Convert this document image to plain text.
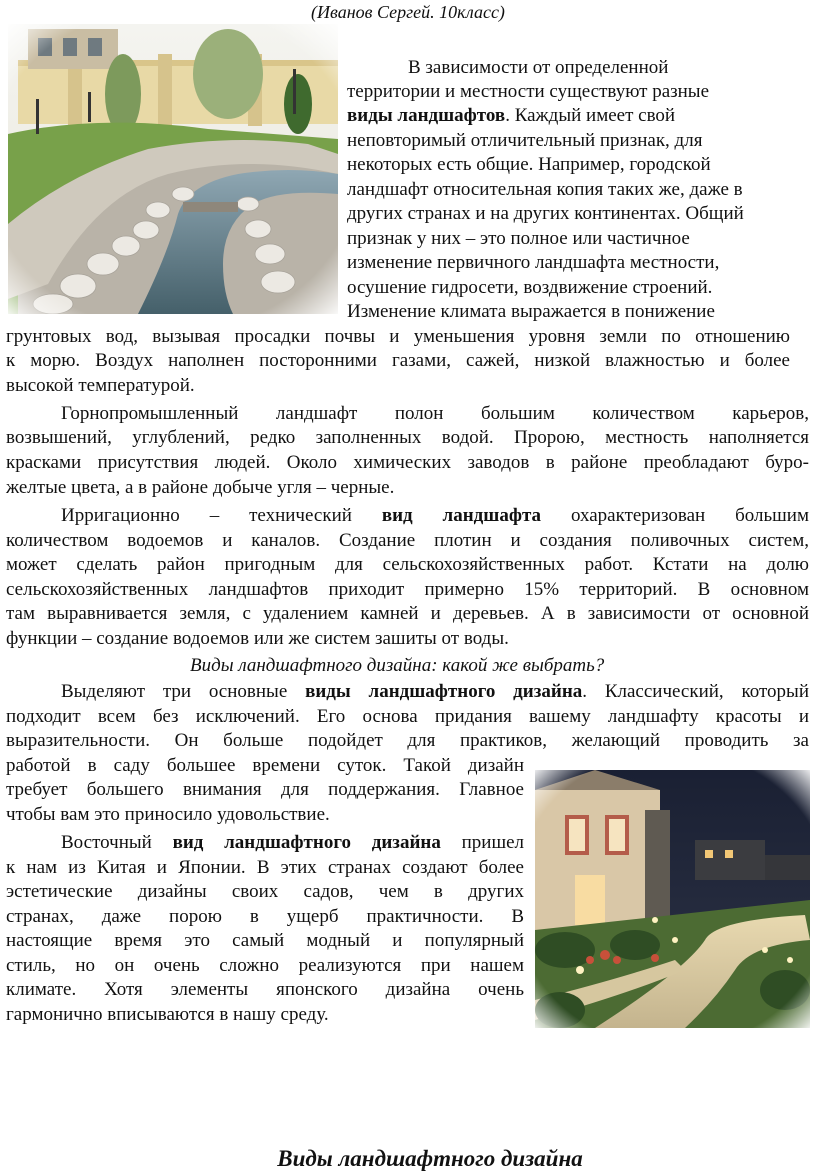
(Иванов Сергей. 10класс)
В зависимости от определенной
территории и местности существуют разные
виды ландшафтов. Каждый имеет свой
неповторимый отличительный признак, для
некоторых есть общие. Например, городской
ландшафт относительная копия таких же, даже в
других странах и на других континентах. Общий
признак у них – это полное или частичное
изменение первичного ландшафта местности,
осушение гидросети, воздвижение строений.
Изменение климата выражается в понижение
грунтовых вод, вызывая просадки почвы и уменьшения уровня земли по отношению
к морю. Воздух наполнен посторонними газами, сажей, низкой влажностью и более
высокой температурой.
Горнопромышленный ландшафт полон большим количеством карьеров,
возвышений, углублений, редко заполненных водой. Пророю, местность наполняется
красками присутствия людей. Около химических заводов в районе преобладают буро-
желтые цвета, а в районе добыче угля – черные.
Ирригационно – технический вид ландшафта охарактеризован большим
количеством водоемов и каналов. Создание плотин и создания поливочных систем,
может сделать район пригодным для сельскохозяйственных работ. Кстати на долю
сельскохозяйственных ландшафтов приходит примерно 15% территорий. В основном
там выравнивается земля, с удалением камней и деревьев. А в зависимости от основной
функции – создание водоемов или же систем зашиты от воды.
Виды ландшафтного дизайна: какой же выбрать?
Выделяют три основные виды ландшафтного дизайна. Классический, который
подходит всем без исключений. Его основа придания вашему ландшафту красоты и
выразительности. Он больше подойдет для практиков, желающий проводить за
работой в саду большее времени суток. Такой дизайн
требует большего внимания для поддержания. Главное
чтобы вам это приносило удовольствие.
Восточный вид ландшафтного дизайна пришел
к нам из Китая и Японии. В этих странах создают более
эстетические дизайны своих садов, чем в других
странах, даже порою в ущерб практичности. В
настоящие время это самый модный и популярный
стиль, но он очень сложно реализуются при нашем
климате. Хотя элементы японского дизайна очень
гармонично вписываются в нашу среду.
Виды ландшафтного дизайна
